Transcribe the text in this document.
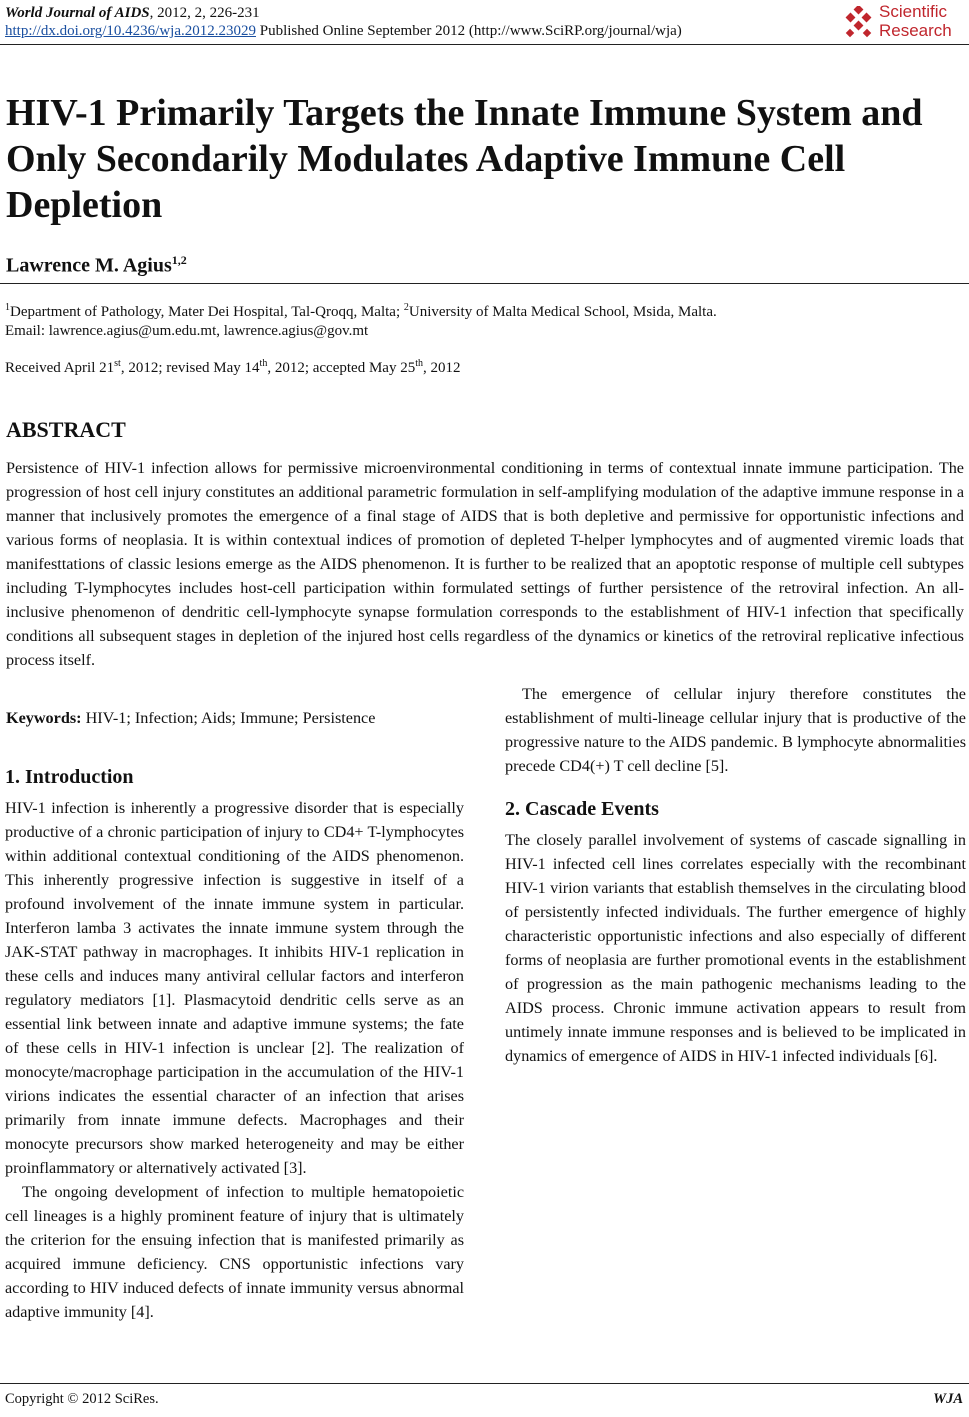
World Journal of AIDS, 2012, 2, 226-231
http://dx.doi.org/10.4236/wja.2012.23029 Published Online September 2012 (http://www.SciRP.org/journal/wja)
Scientific
Research
HIV-1 Primarily Targets the Innate Immune System and Only Secondarily Modulates Adaptive Immune Cell Depletion
Lawrence M. Agius$^{1,2}$
$^1$Department of Pathology, Mater Dei Hospital, Tal-Qroqq, Malta; $^2$University of Malta Medical School, Msida, Malta.
Email: lawrence.agius@um.edu.mt, lawrence.agius@gov.mt
Received April 21st, 2012; revised May 14th, 2012; accepted May 25th, 2012
ABSTRACT

Persistence of HIV-1 infection allows for permissive microenvironmental conditioning in terms of contextual innate immune participation. The progression of host cell injury constitutes an additional parametric formulation in self-amplifying modulation of the adaptive immune response in a manner that inclusively promotes the emergence of a final stage of AIDS that is both depletive and permissive for opportunistic infections and various forms of neoplasia. It is within contextual indices of promotion of depleted T-helper lymphocytes and of augmented viremic loads that manifesttations of classic lesions emerge as the AIDS phenomenon. It is further to be realized that an apoptotic response of multiple cell subtypes including T-lymphocytes includes host-cell participation within formulated settings of further persistence of the retroviral infection. An all-inclusive phenomenon of dendritic cell-lymphocyte synapse formulation corresponds to the establishment of HIV-1 infection that specifically conditions all subsequent stages in depletion of the injured host cells regardless of the dynamics or kinetics of the retroviral replicative infectious process itself.

Keywords: HIV-1; Infection; Aids; Immune; Persistence
1. Introduction

HIV-1 infection is inherently a progressive disorder that is especially productive of a chronic participation of injury to CD4+ T-lymphocytes within additional contextual conditioning of the AIDS phenomenon. This inherently progressive infection is suggestive in itself of a profound involvement of the innate immune system in particular. Interferon lamba 3 activates the innate immune system through the JAK-STAT pathway in macrophages. It inhibits HIV-1 replication in these cells and induces many antiviral cellular factors and interferon regulatory mediators [1]. Plasmacytoid dendritic cells serve as an essential link between innate and adaptive immune systems; the fate of these cells in HIV-1 infection is unclear [2]. The realization of monocyte/macrophage participation in the accumulation of the HIV-1 virions indicates the essential character of an infection that arises primarily from innate immune defects. Macrophages and their monocyte precursors show marked heterogeneity and may be either proinflammatory or alternatively activated [3].

The ongoing development of infection to multiple hematopoietic cell lineages is a highly prominent feature of injury that is ultimately the criterion for the ensuing infection that is manifested primarily as acquired immune deficiency. CNS opportunistic infections vary according to HIV induced defects of innate immunity versus abnormal adaptive immunity [4].

The emergence of cellular injury therefore constitutes the establishment of multi-lineage cellular injury that is productive of the progressive nature to the AIDS pandemic. B lymphocyte abnormalities precede CD4(+) T cell decline [5].

2. Cascade Events

The closely parallel involvement of systems of cascade signalling in HIV-1 infected cell lines correlates especially with the recombinant HIV-1 virion variants that establish themselves in the circulating blood of persistently infected individuals. The further emergence of highly characteristic opportunistic infections and also especially of different forms of neoplasia are further promotional events in the establishment of progression as the main pathogenic mechanisms leading to the AIDS process. Chronic immune activation appears to result from untimely innate immune responses and is believed to be implicated in dynamics of emergence of AIDS in HIV-1 infected individuals [6].

Copyright © 2012 SciRes.	WJA
